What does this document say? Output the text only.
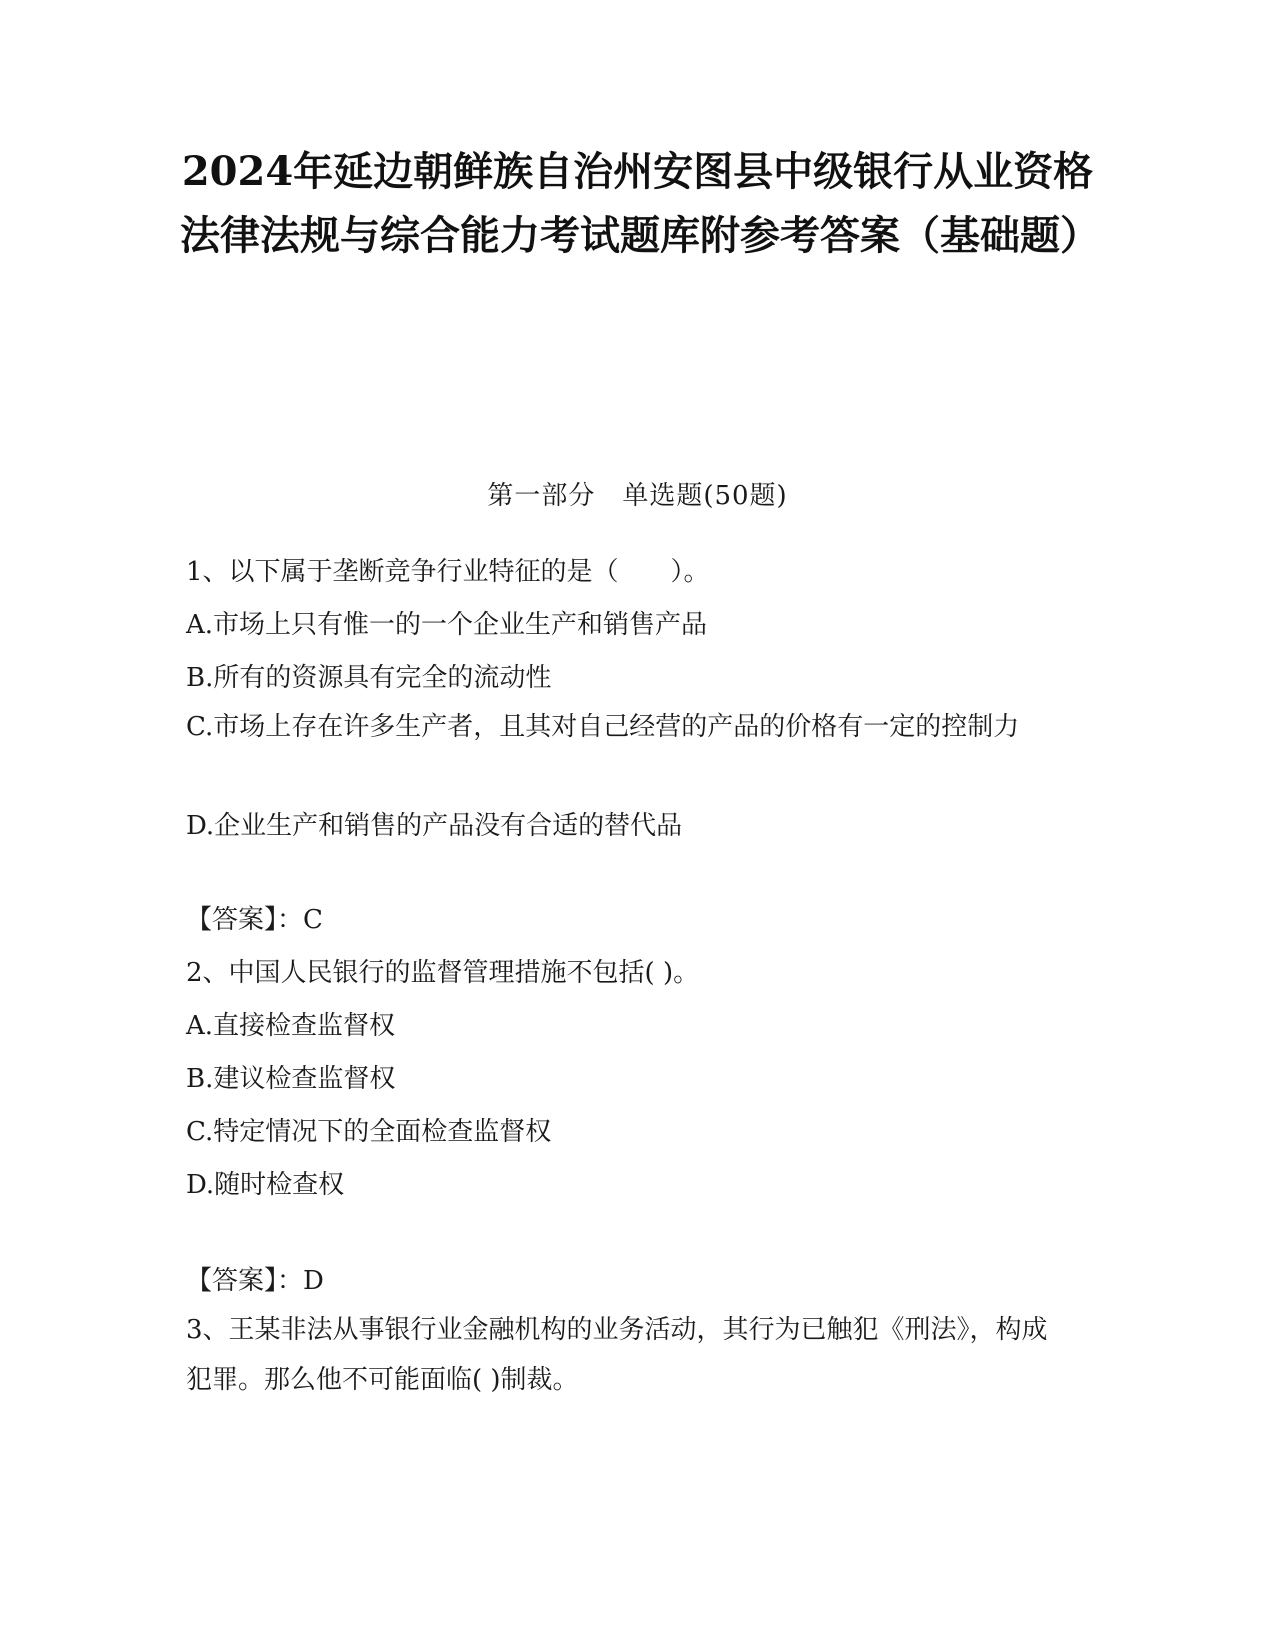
2024年延边朝鲜族自治州安图县中级银行从业资格法律法规与综合能力考试题库附参考答案（基础题）
第一部分　单选题(50题)
1、以下属于垄断竞争行业特征的是（　　）。
A.市场上只有惟一的一个企业生产和销售产品
B.所有的资源具有完全的流动性
C.市场上存在许多生产者，且其对自己经营的产品的价格有一定的控制力
D.企业生产和销售的产品没有合适的替代品
【答案】：C
2、中国人民银行的监督管理措施不包括( )。
A.直接检查监督权
B.建议检查监督权
C.特定情况下的全面检查监督权
D.随时检查权
【答案】：D
3、王某非法从事银行业金融机构的业务活动，其行为已触犯《刑法》，构成犯罪。那么他不可能面临( )制裁。
